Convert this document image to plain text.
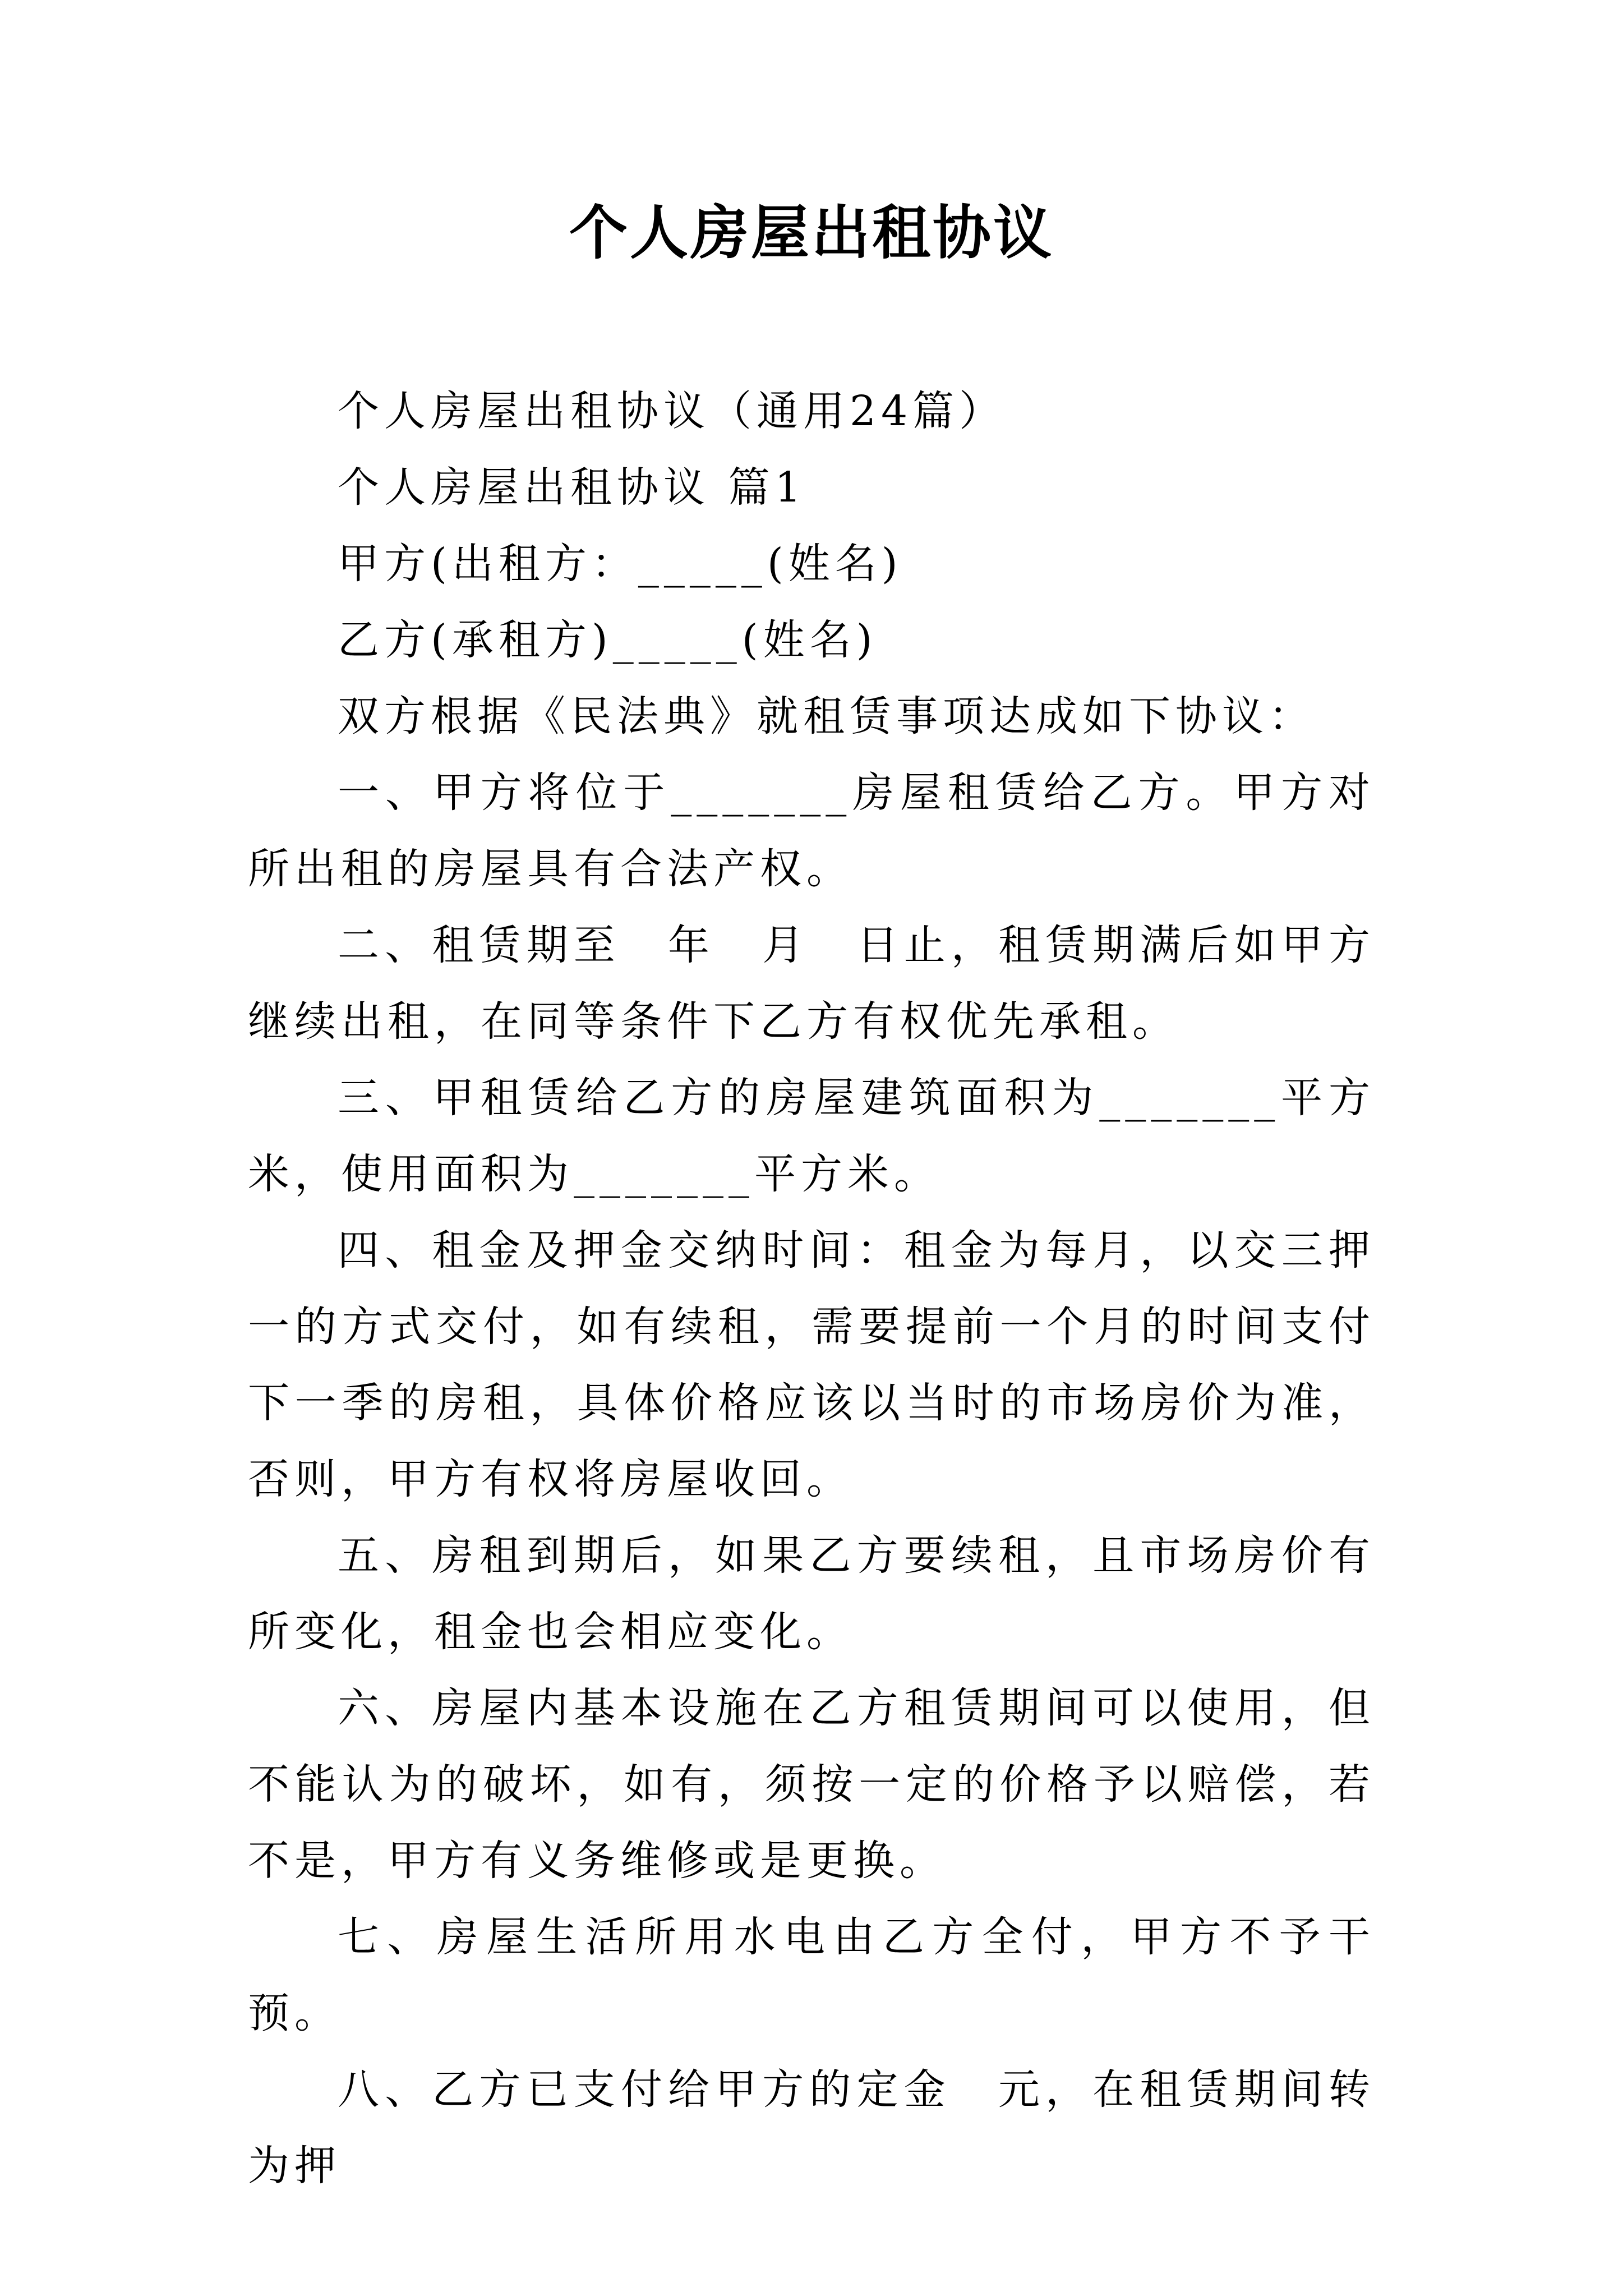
个人房屋出租协议

个人房屋出租协议（通用24篇）

个人房屋出租协议 篇1

甲方(出租方：_____(姓名)

乙方(承租方)_____(姓名)

双方根据《民法典》就租赁事项达成如下协议：

一、甲方将位于_______房屋租赁给乙方。甲方对所出租的房屋具有合法产权。

二、租赁期至　年　月　日止，租赁期满后如甲方继续出租，在同等条件下乙方有权优先承租。

三、甲租赁给乙方的房屋建筑面积为_______平方米，使用面积为_______平方米。

四、租金及押金交纳时间：租金为每月，以交三押一的方式交付，如有续租，需要提前一个月的时间支付下一季的房租，具体价格应该以当时的市场房价为准，否则，甲方有权将房屋收回。

五、房租到期后，如果乙方要续租，且市场房价有所变化，租金也会相应变化。

六、房屋内基本设施在乙方租赁期间可以使用，但不能认为的破坏，如有，须按一定的价格予以赔偿，若不是，甲方有义务维修或是更换。

七、房屋生活所用水电由乙方全付，甲方不予干预。

八、乙方已支付给甲方的定金　元，在租赁期间转为押
